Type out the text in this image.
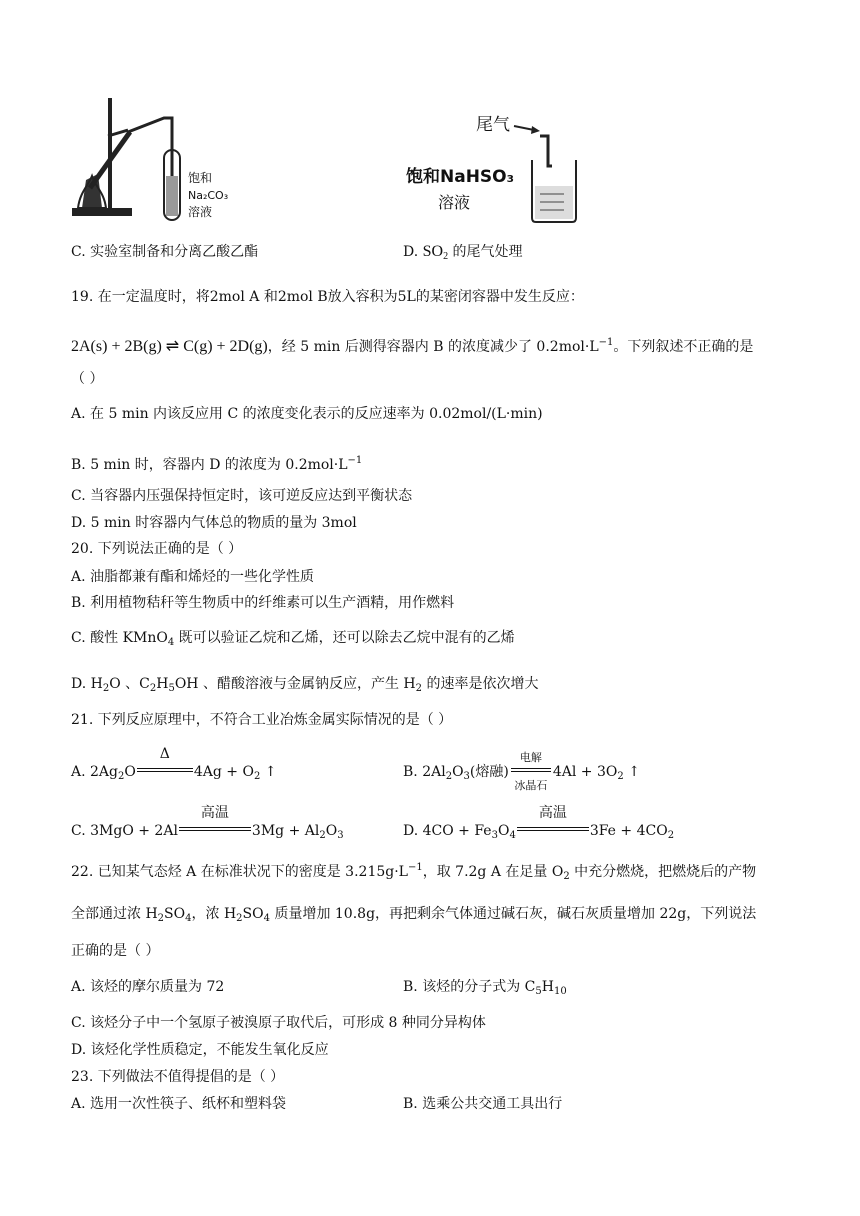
饱和
Na₂CO₃
溶液
尾气
饱和NaHSO₃
溶液
C. 实验室制备和分离乙酸乙酯	D. $SO_2$ 的尾气处理
19. 在一定温度时，将2mol A 和2mol B放入容积为5L的某密闭容器中发生反应：
2A(s) + 2B(g) ⇌ C(g) + 2D(g)，经 5 min 后测得容器内 B 的浓度减少了 $0.2mol\cdot L^{-1}$。下列叙述不正确的是
（ ）
A. 在 5 min 内该反应用 C 的浓度变化表示的反应速率为 0.02mol/(L·min)
B. 5 min 时，容器内 D 的浓度为 $0.2mol\cdot L^{-1}$
C. 当容器内压强保持恒定时，该可逆反应达到平衡状态
D. 5 min 时容器内气体总的物质的量为 3mol
20. 下列说法正确的是（ ）
A. 油脂都兼有酯和烯烃的一些化学性质
B. 利用植物秸秆等生物质中的纤维素可以生产酒精，用作燃料
C. 酸性 KMnO$_4$ 既可以验证乙烷和乙烯，还可以除去乙烷中混有的乙烯
D. $H_2O$ 、$C_2H_5OH$ 、醋酸溶液与金属钠反应，产生 $H_2$ 的速率是依次增大
21. 下列反应原理中，不符合工业冶炼金属实际情况的是（ ）
A. $2Ag_2O$
Δ
$4Ag + O_2$ ↑	B. $2Al_2O_3$(熔融)
电解
冰晶石
$4Al + 3O_2$ ↑
C. 3MgO + 2Al
高温
$3Mg + Al_2O_3$	D. $4CO + Fe_3O_4$
高温
$3Fe + 4CO_2$
22. 已知某气态烃 A 在标准状况下的密度是 $3.215g\cdot L^{-1}$，取 7.2g A 在足量 $O_2$ 中充分燃烧，把燃烧后的产物
全部通过浓 $H_2SO_4$，浓 $H_2SO_4$ 质量增加 10.8g，再把剩余气体通过碱石灰，碱石灰质量增加 22g，下列说法
正确的是（ ）
A. 该烃的摩尔质量为 72	B. 该烃的分子式为 $C_5H_{10}$
C. 该烃分子中一个氢原子被溴原子取代后，可形成 8 种同分异构体
D. 该烃化学性质稳定，不能发生氧化反应
23. 下列做法不值得提倡的是（ ）
A. 选用一次性筷子、纸杯和塑料袋	B. 选乘公共交通工具出行
